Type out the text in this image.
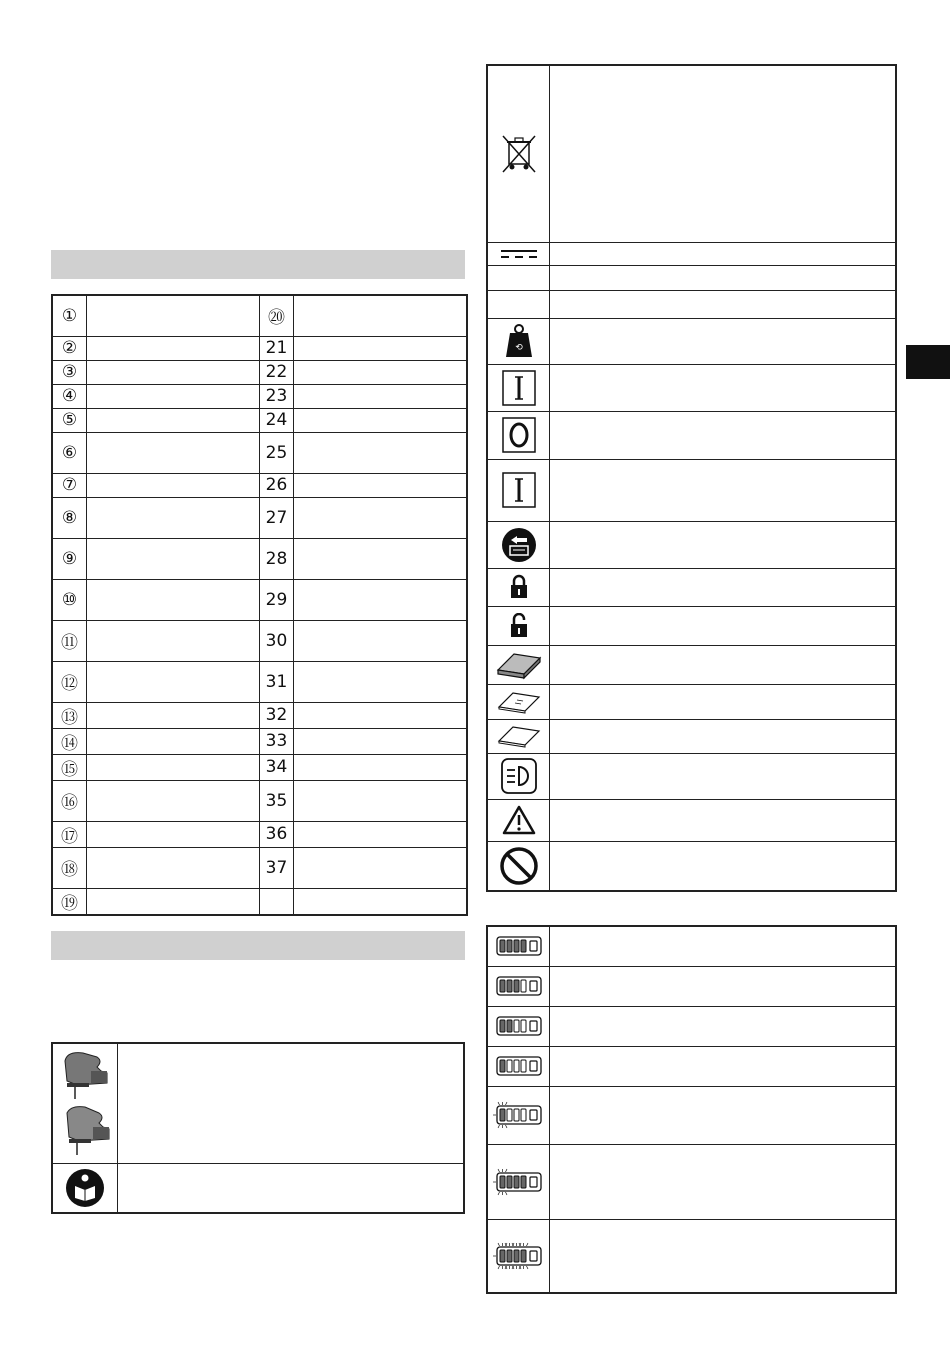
①		⑳	
②		21	
③		22	
④		23	
⑤		24	
⑥		25	
⑦		26	
⑧		27	
⑨		28	
⑩		29	
⑪		30	
⑫		31	
⑬		32	
⑭		33	
⑮		34	
⑯		35	
⑰		36	
⑱		37	
⑲			

⟲	
